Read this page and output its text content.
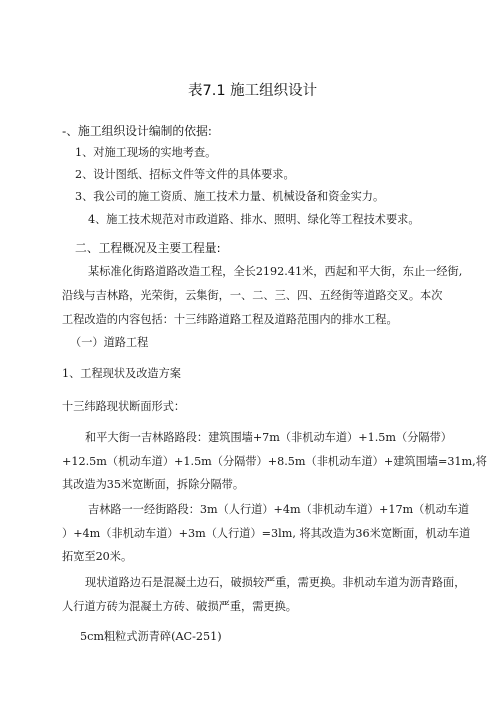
表7.1 施工组织设计
-、施工组织设计编制的依据:
1、对施工现场的实地考查。
2、设计图纸、招标文件等文件的具体要求。
3、我公司的施工资质、施工技术力量、机械设备和资金实力。
4、施工技术规范对市政道路、排水、照明、绿化等工程技术要求。
二、工程概况及主要工程量:
某标准化街路道路改造工程，全长2192.41米，西起和平大街，东止一经街,
沿线与吉林路，光荣街，云集街，一、二、三、四、五经街等道路交叉。本次
工程改造的内容包括：十三纬路道路工程及道路范围内的排水工程。
（一）道路工程
1、工程现状及改造方案
十三纬路现状断面形式：
和平大街一吉林路路段：建筑围墙+7m（非机动车道）+1.5m（分隔带）
+12.5m（机动车道）+1.5m（分隔带）+8.5m（非机动车道）+建筑围墙=31m,将
其改造为35米宽断面，拆除分隔带。
吉林路一一经街路段：3m（人行道）+4m（非机动车道）+17m（机动车道
）+4m（非机动车道）+3m（人行道）=3lm, 将其改造为36米宽断面，机动车道
拓宽至20米。
现状道路边石是混凝土边石，破损较严重，需更换。非机动车道为沥青路面，
人行道方砖为混凝土方砖、破损严重，需更换。
5cm粗粒式沥青碎(AC-251)
